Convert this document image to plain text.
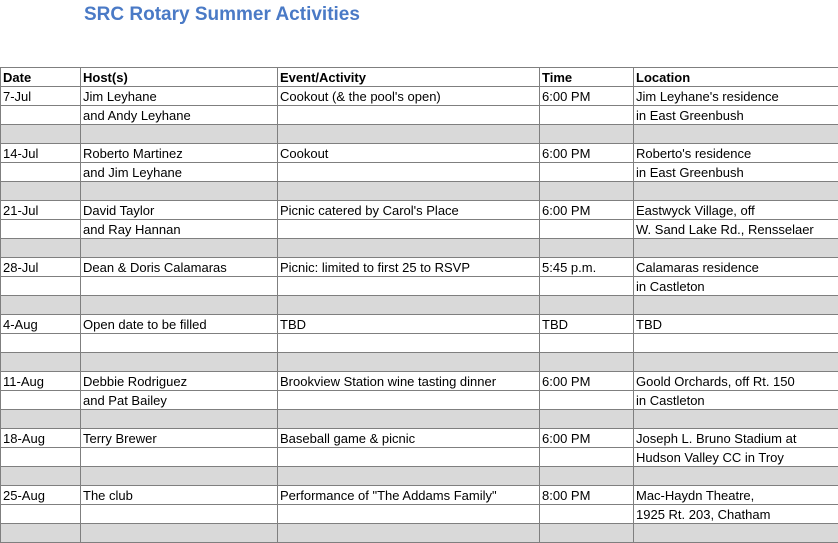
SRC Rotary Summer Activities
Date	Host(s)	Event/Activity	Time	Location
7-Jul	Jim Leyhane	Cookout (& the pool's open)	6:00 PM	Jim Leyhane's residence
	and Andy Leyhane			in East Greenbush

14-Jul	Roberto Martinez	Cookout	6:00 PM	Roberto's residence
	and Jim Leyhane			in East Greenbush

21-Jul	David Taylor	Picnic catered by Carol's Place	6:00 PM	Eastwyck Village, off
	and Ray Hannan			W. Sand Lake Rd., Rensselaer

28-Jul	Dean & Doris Calamaras	Picnic: limited to first 25 to RSVP	5:45 p.m.	Calamaras residence
				in Castleton

4-Aug	Open date to be filled	TBD	TBD	TBD

11-Aug	Debbie Rodriguez	Brookview Station wine tasting dinner	6:00 PM	Goold Orchards, off Rt. 150
	and Pat Bailey			in Castleton

18-Aug	Terry Brewer	Baseball game & picnic	6:00 PM	Joseph L. Bruno Stadium at
				Hudson Valley CC in Troy

25-Aug	The club	Performance of "The Addams Family"	8:00 PM	Mac-Haydn Theatre,
				1925 Rt. 203, Chatham
